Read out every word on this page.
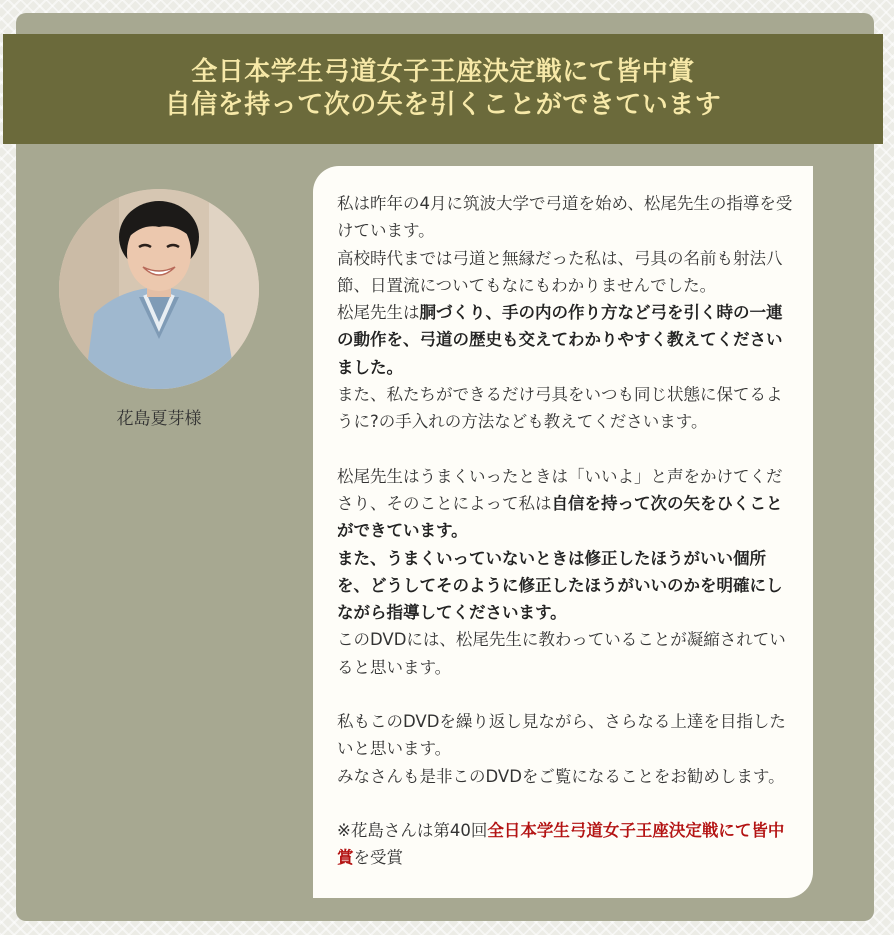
全日本学生弓道女子王座決定戦にて皆中賞
自信を持って次の矢を引くことができています
花島夏芽様

私は昨年の4月に筑波大学で弓道を始め、松尾先生の指導を受けています。
高校時代までは弓道と無縁だった私は、弓具の名前も射法八節、日置流についてもなにもわかりませんでした。
松尾先生は胴づくり、手の内の作り方など弓を引く時の一連の動作を、弓道の歴史も交えてわかりやすく教えてくださいました。
また、私たちができるだけ弓具をいつも同じ状態に保てるように?の手入れの方法なども教えてくださいます。

松尾先生はうまくいったときは「いいよ」と声をかけてくださり、そのことによって私は自信を持って次の矢をひくことができています。
また、うまくいっていないときは修正したほうがいい個所を、どうしてそのように修正したほうがいいのかを明確にしながら指導してくださいます。
このDVDには、松尾先生に教わっていることが凝縮されていると思います。

私もこのDVDを繰り返し見ながら、さらなる上達を目指したいと思います。
みなさんも是非このDVDをご覧になることをお勧めします。

※花島さんは第40回全日本学生弓道女子王座決定戦にて皆中賞を受賞
